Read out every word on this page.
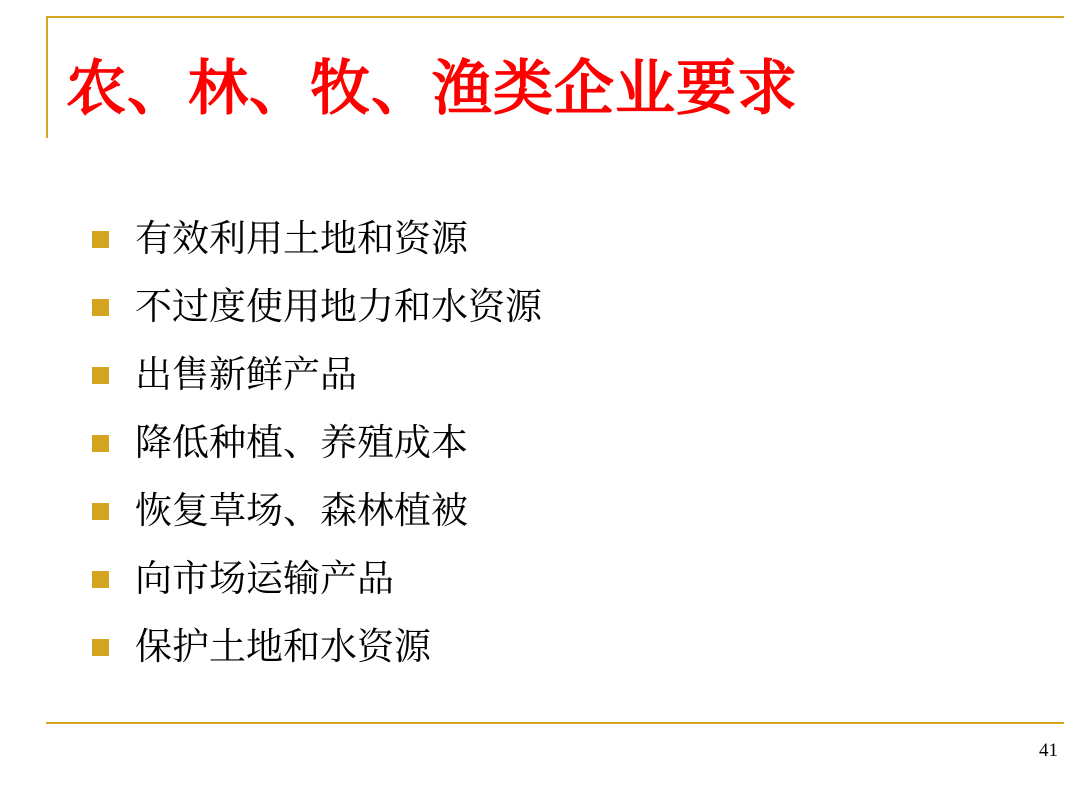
农、林、牧、渔类企业要求
有效利用土地和资源
不过度使用地力和水资源
出售新鲜产品
降低种植、养殖成本
恢复草场、森林植被
向市场运输产品
保护土地和水资源
41
